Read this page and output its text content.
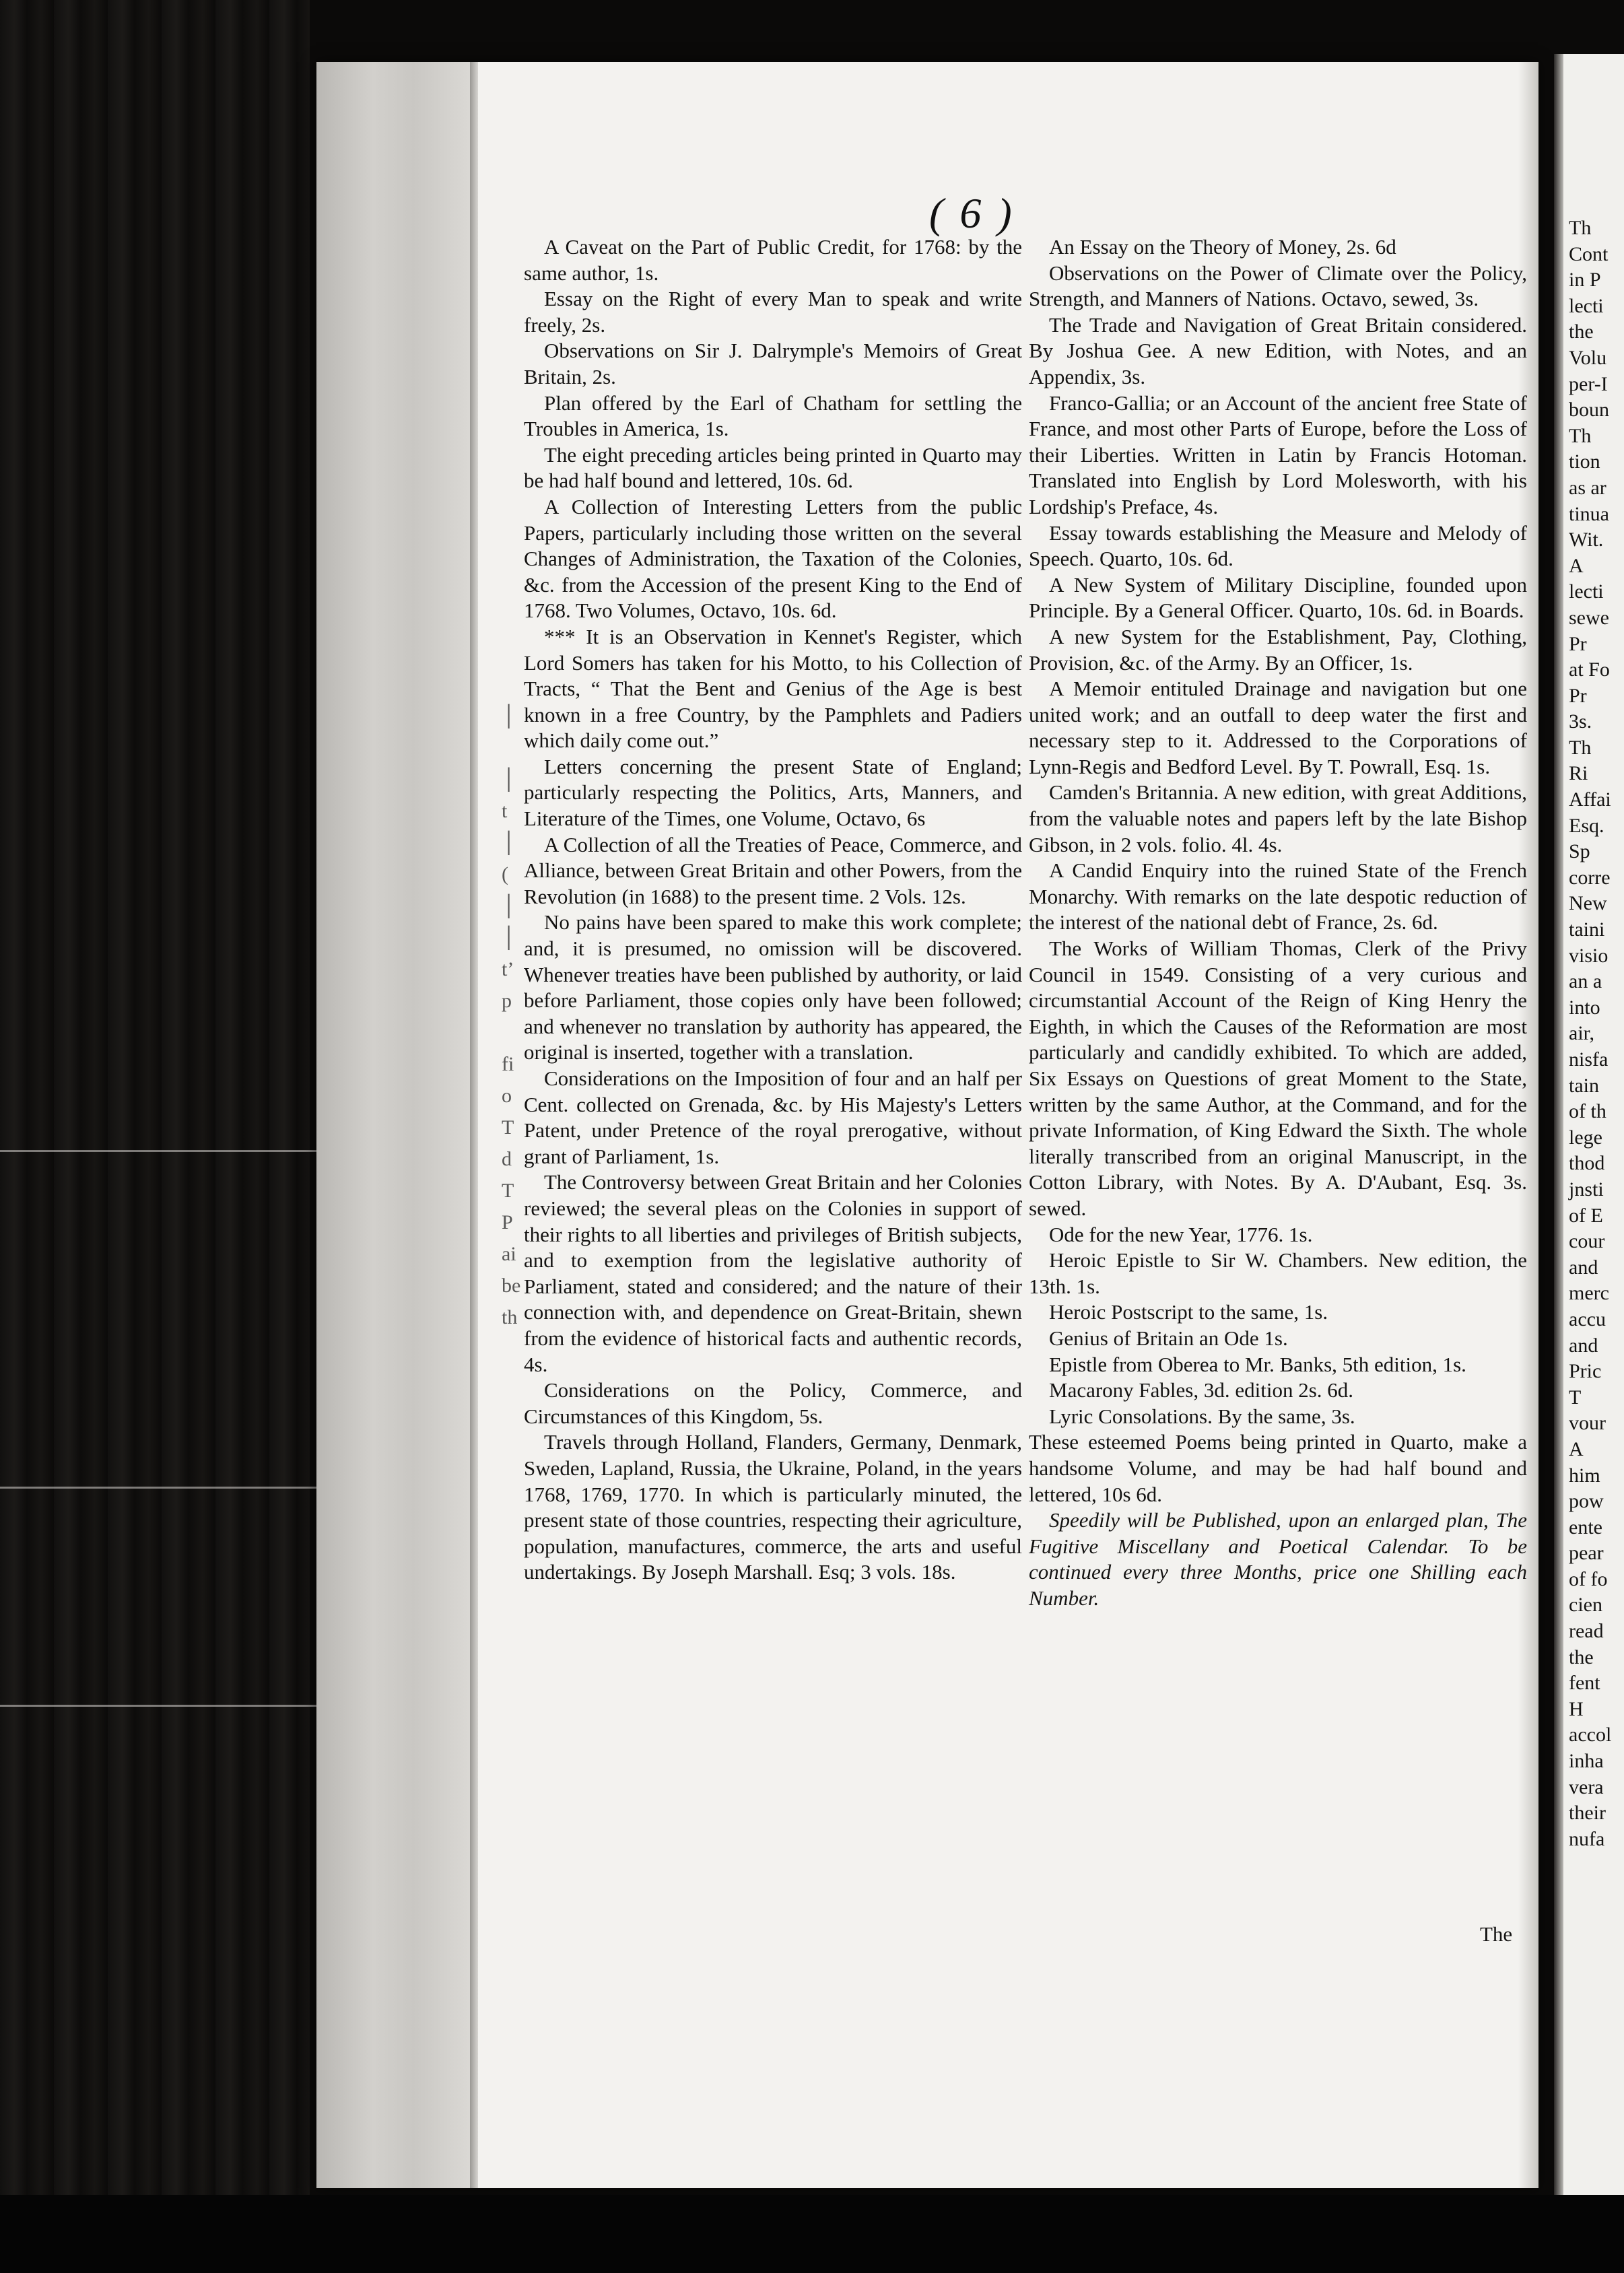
( 6 )
│

│
t
│
(
│
│
t’
p

fi
o
T
d
T
P
ai
be
th

A Caveat on the Part of Public Credit, for 1768: by the same author, 1s.

Essay on the Right of every Man to speak and write freely, 2s.

Observations on Sir J. Dalrymple's Memoirs of Great Britain, 2s.

Plan offered by the Earl of Chatham for settling the Troubles in America, 1s.

The eight preceding articles being printed in Quarto may be had half bound and lettered, 10s. 6d.

A Collection of Interesting Letters from the public Papers, particularly including those written on the several Changes of Administration, the Taxation of the Colonies, &c. from the Accession of the present King to the End of 1768. Two Volumes, Octavo, 10s. 6d.

*** It is an Observation in Kennet's Register, which Lord Somers has taken for his Motto, to his Collection of Tracts, “ That the Bent and Genius of the Age is best known in a free Country, by the Pamphlets and Padiers which daily come out.”

Letters concerning the present State of England; particularly respecting the Politics, Arts, Manners, and Literature of the Times, one Volume, Octavo, 6s

A Collection of all the Treaties of Peace, Commerce, and Alliance, between Great Britain and other Powers, from the Revolution (in 1688) to the present time. 2 Vols. 12s.

No pains have been spared to make this work complete; and, it is presumed, no omission will be discovered. Whenever treaties have been published by authority, or laid before Parliament, those copies only have been followed; and whenever no translation by authority has appeared, the original is inserted, together with a translation.

Considerations on the Imposition of four and an half per Cent. collected on Grenada, &c. by His Majesty's Letters Patent, under Pretence of the royal prerogative, without grant of Parliament, 1s.

The Controversy between Great Britain and her Colonies reviewed; the several pleas on the Colonies in support of their rights to all liberties and privileges of British subjects, and to exemption from the legislative authority of Parliament, stated and considered; and the nature of their connection with, and dependence on Great-Britain, shewn from the evidence of historical facts and authentic records, 4s.

Considerations on the Policy, Commerce, and Circumstances of this Kingdom, 5s.

Travels through Holland, Flanders, Germany, Denmark, Sweden, Lapland, Russia, the Ukraine, Poland, in the years 1768, 1769, 1770. In which is particularly minuted, the present state of those countries, respecting their agriculture, population, manufactures, commerce, the arts and useful undertakings. By Joseph Marshall. Esq; 3 vols. 18s.

An Essay on the Theory of Money, 2s. 6d

Observations on the Power of Climate over the Policy, Strength, and Manners of Nations. Octavo, sewed, 3s.

The Trade and Navigation of Great Britain considered. By Joshua Gee. A new Edition, with Notes, and an Appendix, 3s.

Franco-Gallia; or an Account of the ancient free State of France, and most other Parts of Europe, before the Loss of their Liberties. Written in Latin by Francis Hotoman. Translated into English by Lord Molesworth, with his Lordship's Preface, 4s.

Essay towards establishing the Measure and Melody of Speech. Quarto, 10s. 6d.

A New System of Military Discipline, founded upon Principle. By a General Officer. Quarto, 10s. 6d. in Boards.

A new System for the Establishment, Pay, Clothing, Provision, &c. of the Army. By an Officer, 1s.

A Memoir entituled Drainage and navigation but one united work; and an outfall to deep water the first and necessary step to it. Addressed to the Corporations of Lynn-Regis and Bedford Level. By T. Powrall, Esq. 1s.

Camden's Britannia. A new edition, with great Additions, from the valuable notes and papers left by the late Bishop Gibson, in 2 vols. folio. 4l. 4s.

A Candid Enquiry into the ruined State of the French Monarchy. With remarks on the late despotic reduction of the interest of the national debt of France, 2s. 6d.

The Works of William Thomas, Clerk of the Privy Council in 1549. Consisting of a very curious and circumstantial Account of the Reign of King Henry the Eighth, in which the Causes of the Reformation are most particularly and candidly exhibited. To which are added, Six Essays on Questions of great Moment to the State, written by the same Author, at the Command, and for the private Information, of King Edward the Sixth. The whole literally transcribed from an original Manuscript, in the Cotton Library, with Notes. By A. D'Aubant, Esq. 3s. sewed.

Ode for the new Year, 1776. 1s.

Heroic Epistle to Sir W. Chambers. New edition, the 13th. 1s.

Heroic Postscript to the same, 1s.

Genius of Britain an Ode 1s.

Epistle from Oberea to Mr. Banks, 5th edition, 1s.

Macarony Fables, 3d. edition 2s. 6d.

Lyric Consolations. By the same, 3s.

These esteemed Poems being printed in Quarto, make a handsome Volume, and may be had half bound and lettered, 10s 6d.

Speedily will be Published, upon an enlarged plan, The Fugitive Miscellany and Poetical Calendar. To be continued every three Months, price one Shilling each Number.

The
Th
Cont
in P
lecti
the
Volu
per-I
boun
Th
tion
as ar
tinua
Wit.
A
lecti
sewe
Pr
at Fo
Pr
3s.
Th
Ri
Affai
Esq.
Sp
corre
New
taini
visio
an a
into
air,
nisfa
tain
of th
lege
thod
jnsti
of E
cour
and
merc
accu
and
Pric
T
vour
A
him
pow
ente
pear
of fo
cien
read
the
fent
H
accol
inha
vera
their
nufa
